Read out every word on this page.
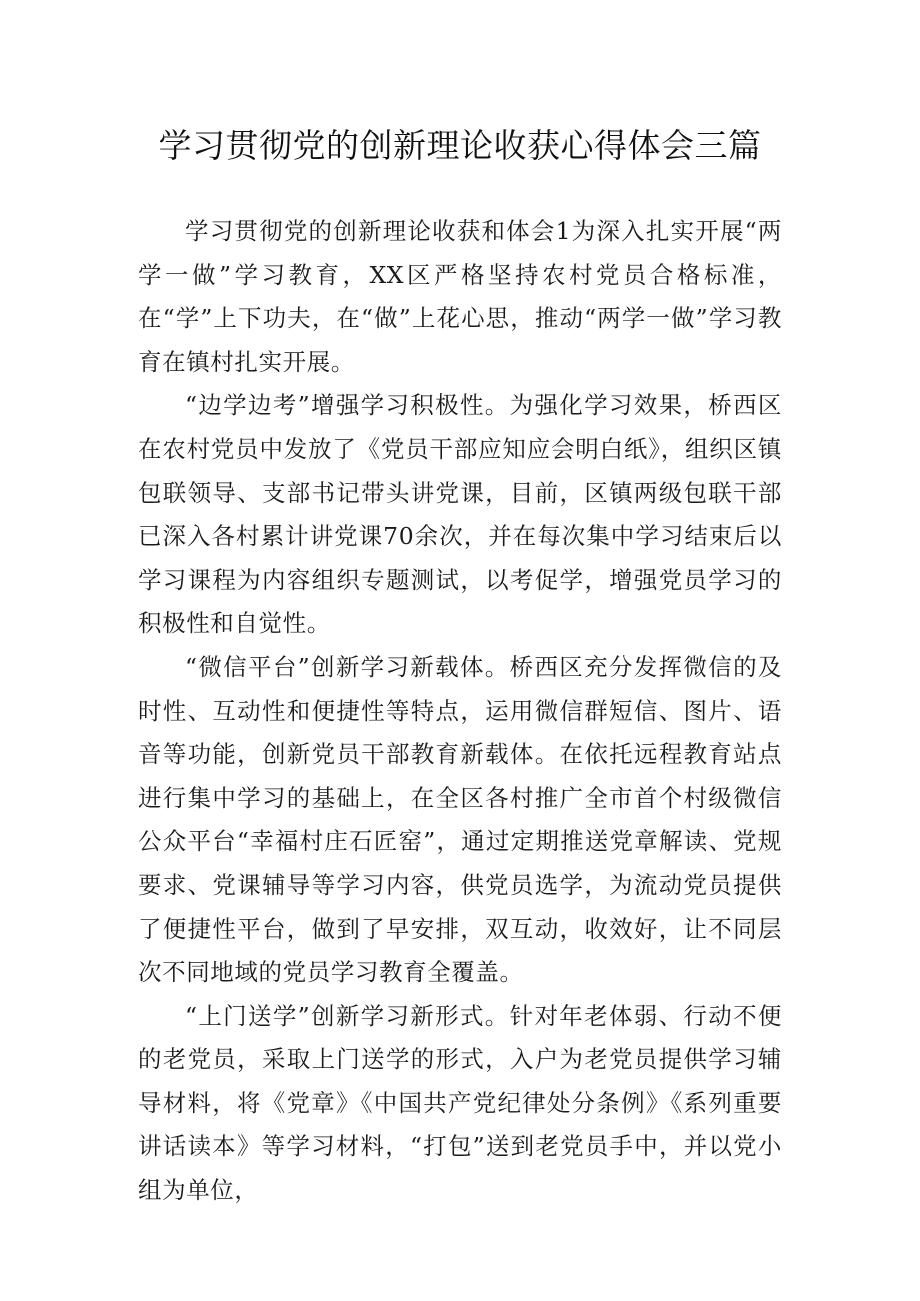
学习贯彻党的创新理论收获心得体会三篇

学习贯彻党的创新理论收获和体会1为深入扎实开展“两学一做”学习教育，XX区严格坚持农村党员合格标准，在“学”上下功夫，在“做”上花心思，推动“两学一做”学习教育在镇村扎实开展。

“边学边考”增强学习积极性。为强化学习效果，桥西区在农村党员中发放了《党员干部应知应会明白纸》，组织区镇包联领导、支部书记带头讲党课，目前，区镇两级包联干部已深入各村累计讲党课70余次，并在每次集中学习结束后以学习课程为内容组织专题测试，以考促学，增强党员学习的积极性和自觉性。

“微信平台”创新学习新载体。桥西区充分发挥微信的及时性、互动性和便捷性等特点，运用微信群短信、图片、语音等功能，创新党员干部教育新载体。在依托远程教育站点进行集中学习的基础上，在全区各村推广全市首个村级微信公众平台“幸福村庄石匠窑”，通过定期推送党章解读、党规要求、党课辅导等学习内容，供党员选学，为流动党员提供了便捷性平台，做到了早安排，双互动，收效好，让不同层次不同地域的党员学习教育全覆盖。

“上门送学”创新学习新形式。针对年老体弱、行动不便的老党员，采取上门送学的形式，入户为老党员提供学习辅导材料，将《党章》《中国共产党纪律处分条例》《系列重要讲话读本》等学习材料，“打包”送到老党员手中，并以党小组为单位，
